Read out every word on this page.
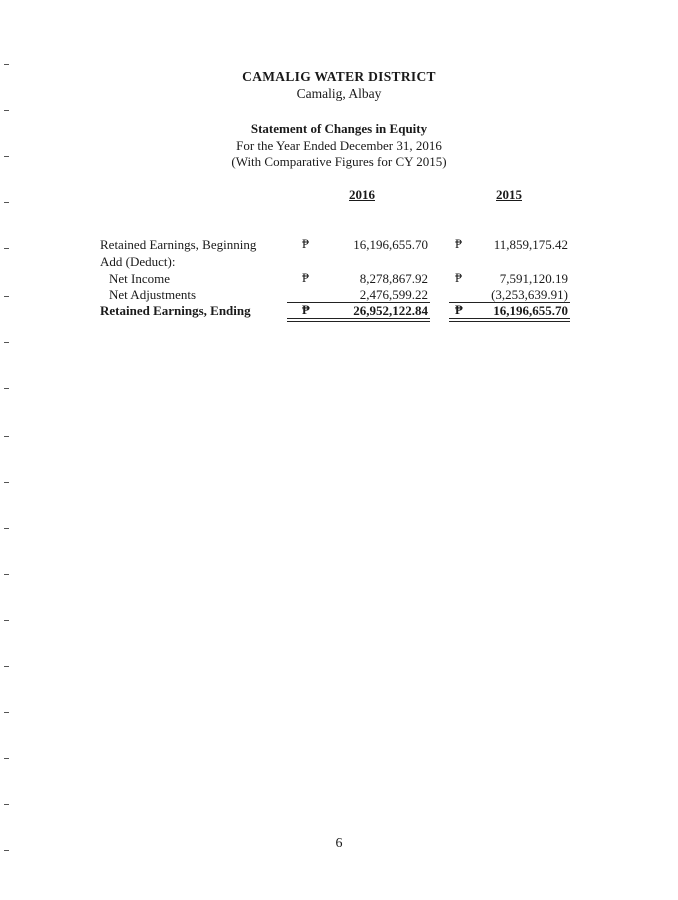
CAMALIG WATER DISTRICT
Camalig, Albay
Statement of Changes in Equity
For the Year Ended December 31, 2016
(With Comparative Figures for CY 2015)
2016	2015
Retained Earnings, Beginning	₱	16,196,655.70 ₱	11,859,175.42
Add (Deduct):
Net Income	₱	8,278,867.92 ₱	7,591,120.19
Net Adjustments	2,476,599.22	(3,253,639.91)
Retained Earnings, Ending	₱	26,952,122.84 ₱	16,196,655.70
6
